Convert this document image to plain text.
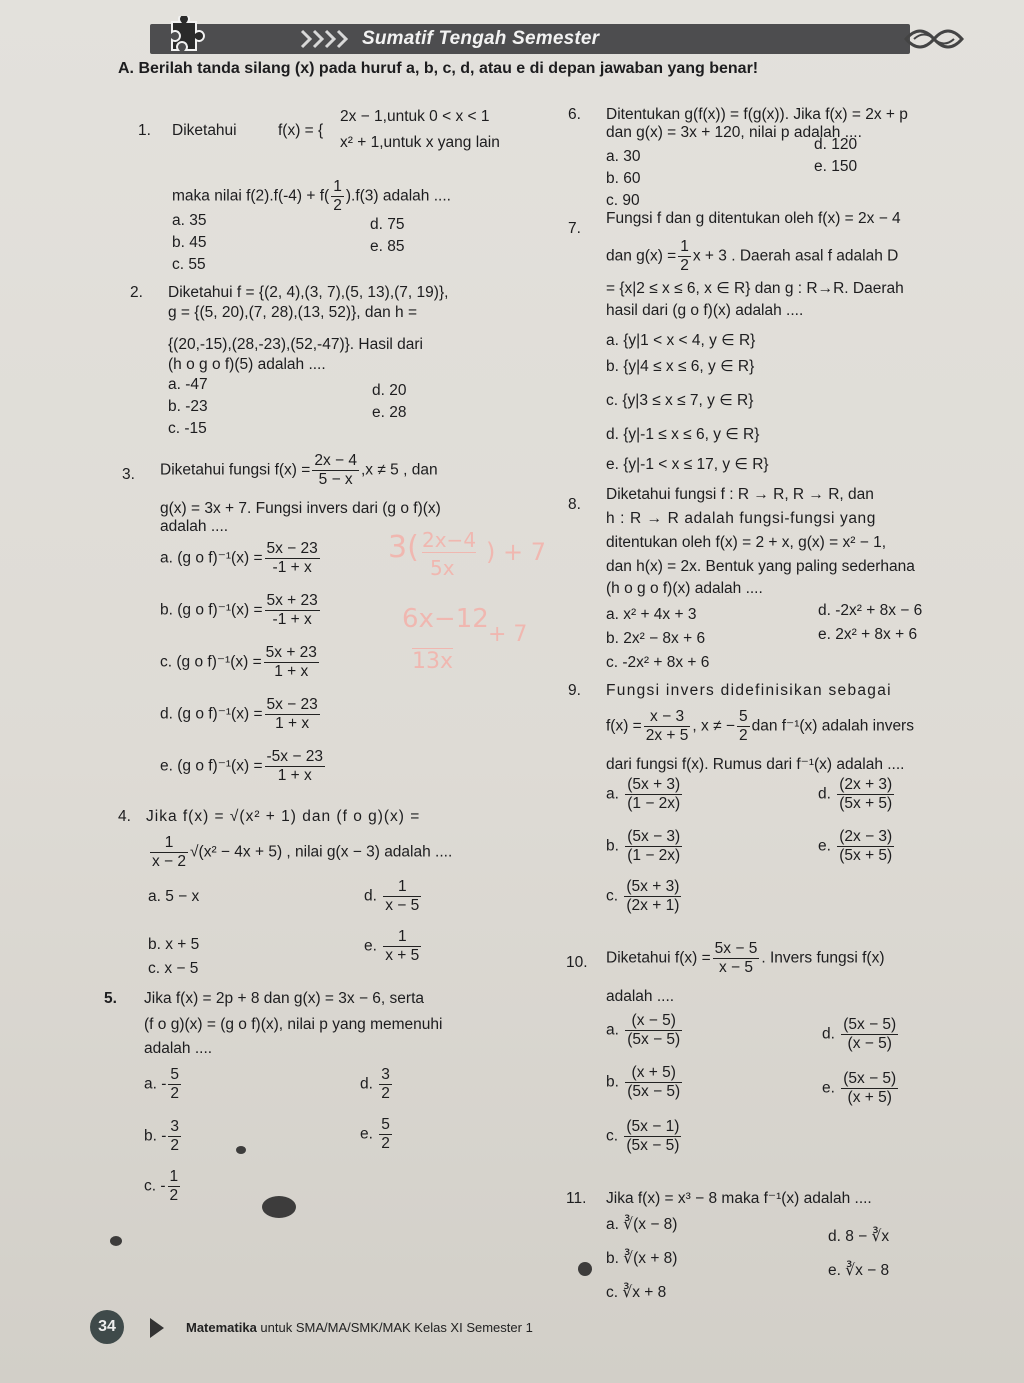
Sumatif Tengah Semester
A. Berilah tanda silang (x) pada huruf a, b, c, d, atau e di depan jawaban yang benar!
1. Diketahui	f(x) = {
2x − 1,untuk 0 < x < 1
x² + 1,untuk x yang lain
maka nilai $f(2).f(-4) + f( \frac{1}{2} ).f(3)$ adalah ....
a. 35
b. 45
c. 55
d. 75
e. 85
2. Diketahui f = {(2, 4),(3, 7),(5, 13),(7, 19)},
g = {(5, 20),(7, 28),(13, 52)}, dan h =
{(20,-15),(28,-23),(52,-47)}. Hasil dari
(h o g o f)(5) adalah ....
a. -47
b. -23
c. -15
d. 20
e. 28
3. Diketahui fungsi $f(x) = \frac{2x - 4}{5 - x} ,x \ne 5$ , dan
g(x) = 3x + 7. Fungsi invers dari (g o f)(x)
adalah ....
a. (g o $f)^{-1}(x) = \frac{5x - 23}{-1 + x}$
b. (g o $f)^{-1}(x) = \frac{5x + 23}{-1 + x}$
c. (g o $f)^{-1}(x) = \frac{5x + 23}{1 + x}$
d. (g o $f)^{-1}(x) = \frac{5x - 23}{1 + x}$
e. (g o $f)^{-1}(x) = \frac{-5x - 23}{1 + x}$
4. Jika f(x) = √(x² + 1) dan (f o g)(x) =
$\frac{1}{x - 2} √(x^2 - 4x + 5)$ , nilai g(x − 3) adalah ....
a. 5 − x
b. x + 5
c. x − 5
d. $\frac{1}{x - 5}$
e. $\frac{1}{x + 5}$
5. Jika f(x) = 2p + 8 dan g(x) = 3x − 6, serta
(f o g)(x) = (g o f)(x), nilai p yang memenuhi
adalah ....
a. - $\frac{5}{2}$
b. - $\frac{3}{2}$
c. - $\frac{1}{2}$
d. $\frac{3}{2}$
e. $\frac{5}{2}$
6. Ditentukan g(f(x)) = f(g(x)). Jika f(x) = 2x + p
dan g(x) = 3x + 120, nilai p adalah ....
a. 30
b. 60
c. 90
d. 120
e. 150
7.
Fungsi f dan g ditentukan oleh f(x) = 2x − 4
dan $g(x) = \frac{1}{2}$ x + 3 . Daerah asal f adalah D
= {x|2 ≤ x ≤ 6, x ∈ R} dan g : R→R. Daerah
hasil dari (g o f)(x) adalah ....
a. {y|1 < x < 4, y ∈ R}
b. {y|4 ≤ x ≤ 6, y ∈ R}
c. {y|3 ≤ x ≤ 7, y ∈ R}
d. {y|-1 ≤ x ≤ 6, y ∈ R}
e. {y|-1 < x ≤ 17, y ∈ R}
8.
Diketahui fungsi f : R → R, R → R, dan
h : R → R adalah fungsi-fungsi yang
ditentukan oleh f(x) = 2 + x, g(x) = x² − 1,
dan h(x) = 2x. Bentuk yang paling sederhana
(h o g o f)(x) adalah ....
a. x² + 4x + 3
b. 2x² − 8x + 6
c. -2x² + 8x + 6
d. -2x² + 8x − 6
e. 2x² + 8x + 6
9. Fungsi invers didefinisikan sebagai
$f(x) = \frac{x - 3}{2x + 5}$ , x ≠ − $\frac{5}{2}$ dan f⁻¹(x) adalah invers
dari fungsi f(x). Rumus dari f⁻¹(x) adalah ....
a. $\frac{(5x + 3)}{(1 - 2x)}$
b. $\frac{(5x - 3)}{(1 - 2x)}$
c. $\frac{(5x + 3)}{(2x + 1)}$
d. $\frac{(2x + 3)}{(5x + 5)}$
e. $\frac{(2x - 3)}{(5x + 5)}$
10. Diketahui $f(x) = \frac{5x - 5}{x - 5}$ . Invers fungsi f(x)
adalah ....
a. $\frac{(x - 5)}{(5x - 5)}$
b. $\frac{(x + 5)}{(5x - 5)}$
c. $\frac{(5x - 1)}{(5x - 5)}$
d. $\frac{(5x - 5)}{(x - 5)}$
e. $\frac{(5x - 5)}{(x + 5)}$
11. Jika f(x) = x³ − 8 maka f⁻¹(x) adalah ....
a. ∛(x − 8)
b. ∛(x + 8)
c. ∛x + 8
d. 8 − ∛x
e. ∛x − 8
3( 2x−4
5x
) + 7
6x−12
+ 7
13x
34	Matematika untuk SMA/MA/SMK/MAK Kelas XI Semester 1
